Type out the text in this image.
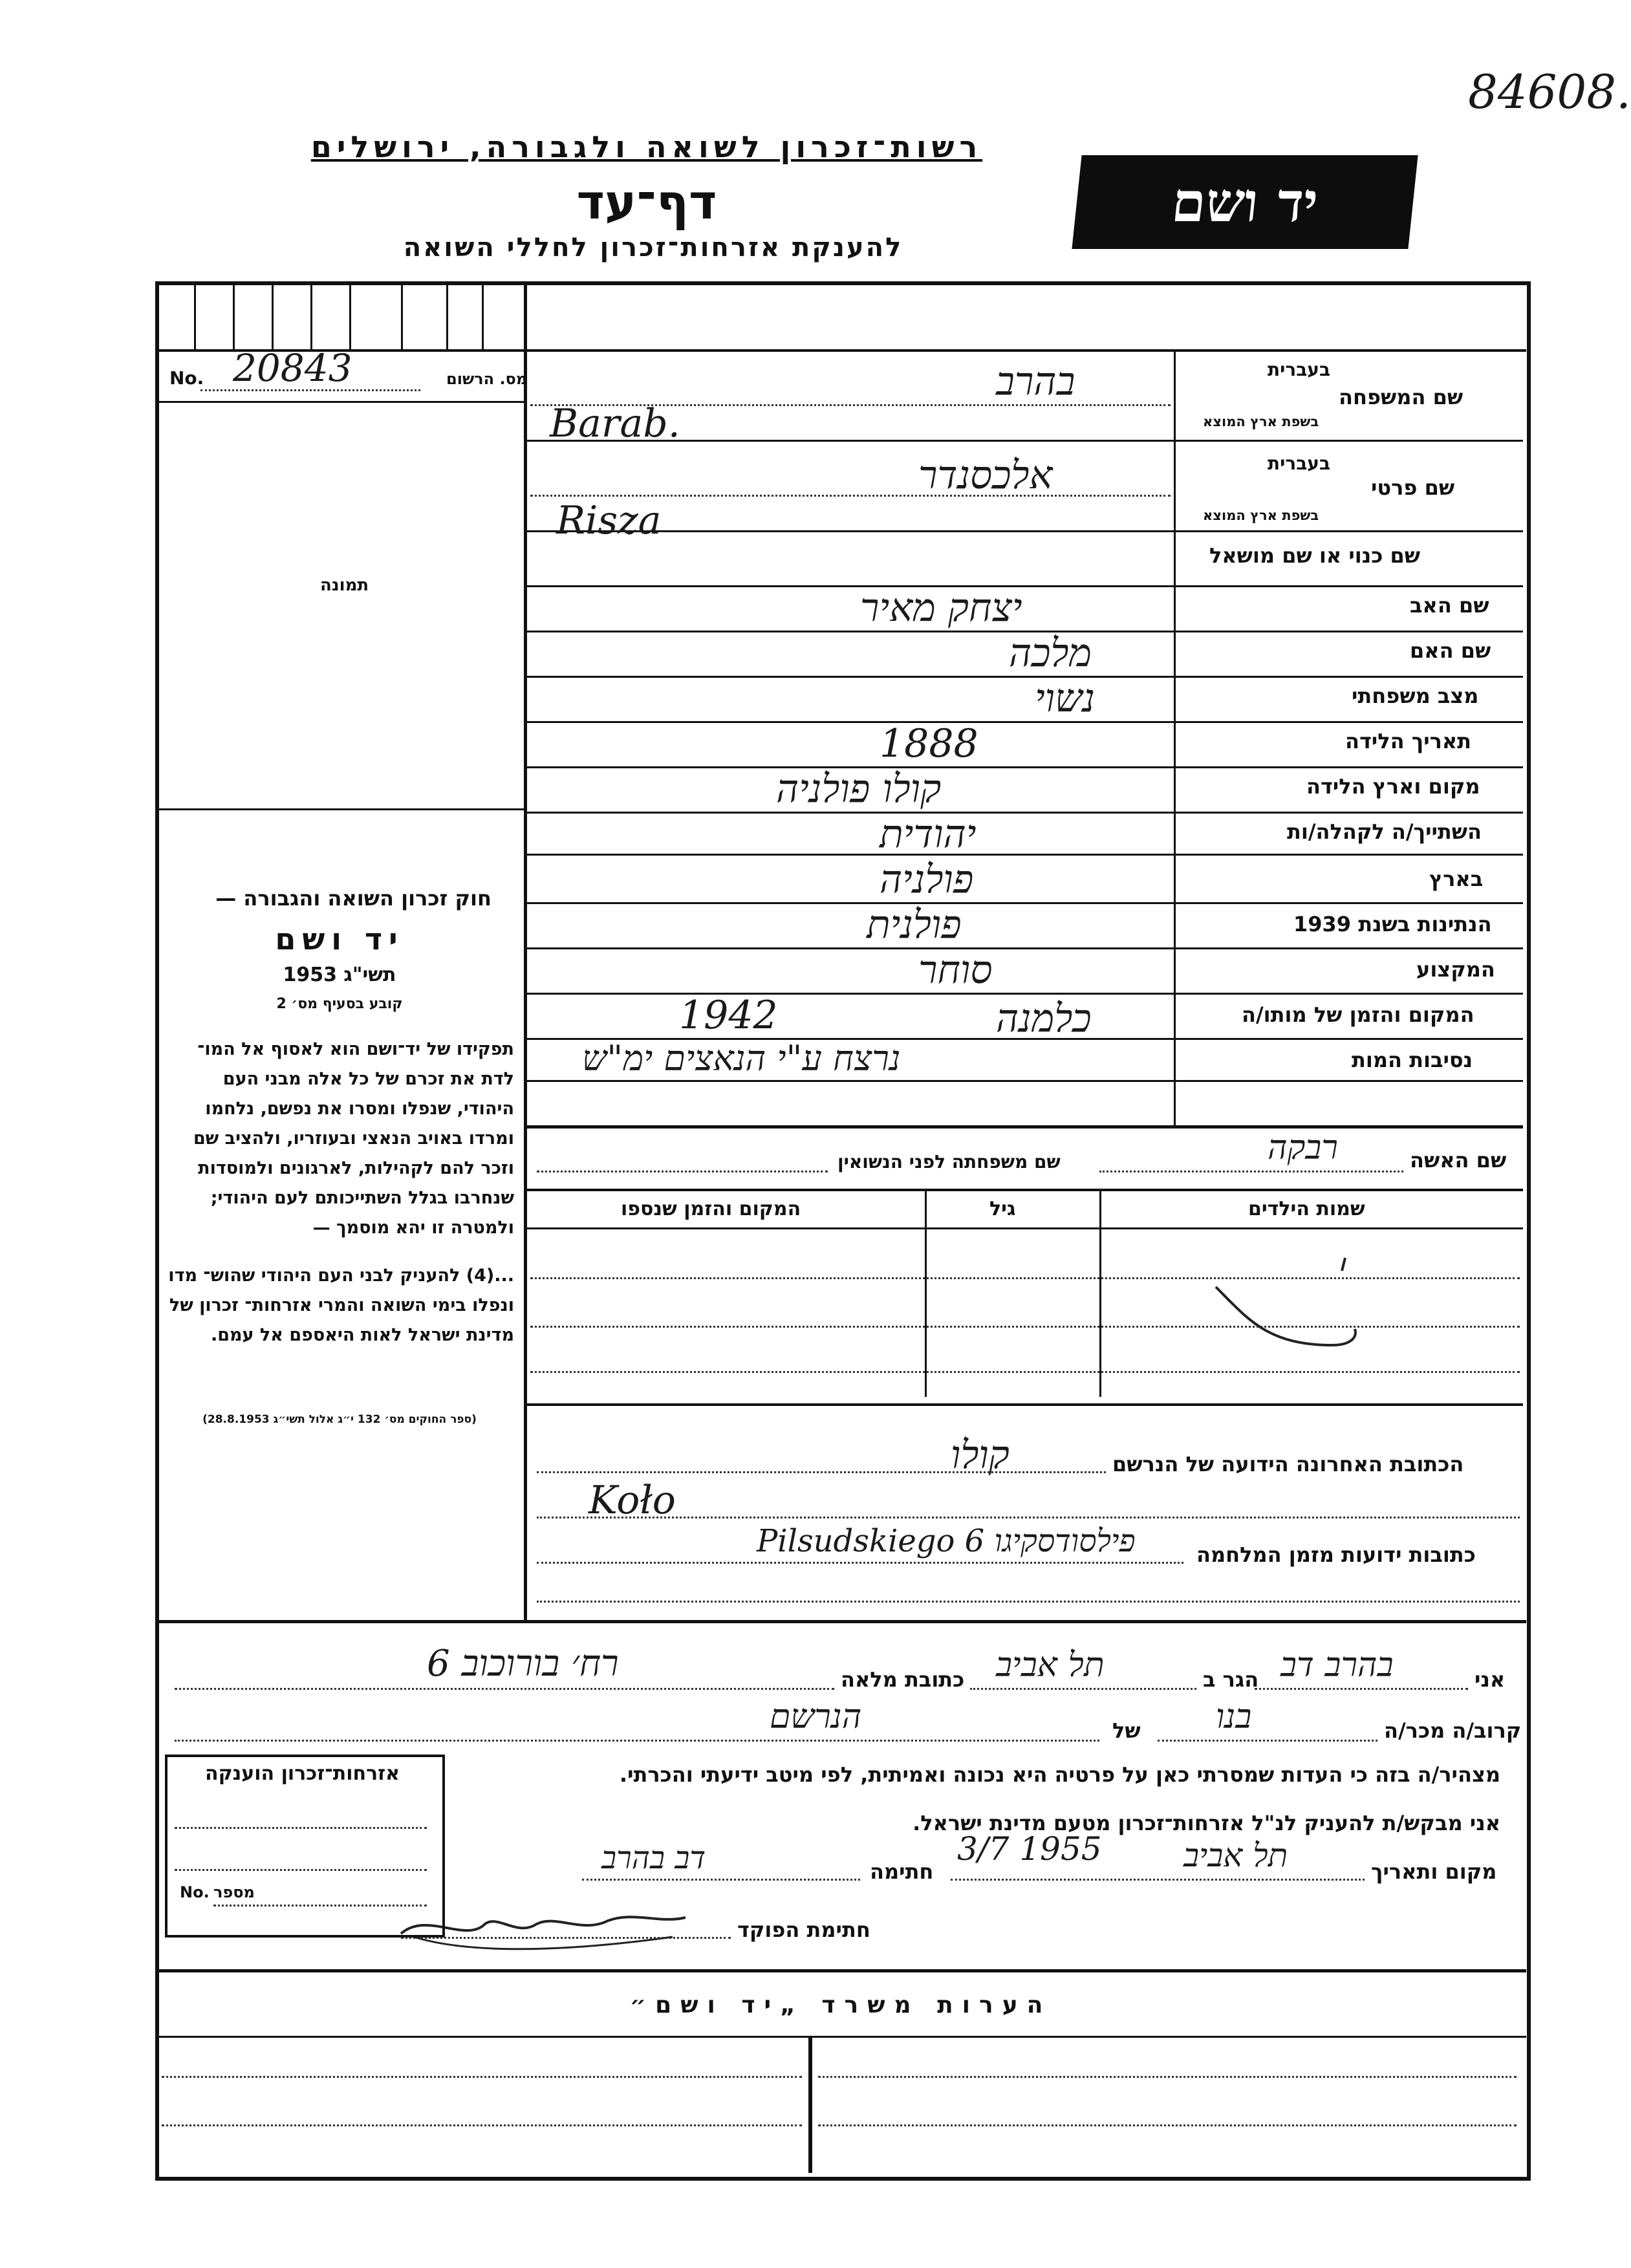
84608.
רשות־זכרון לשואה ולגבורה, ירושלים
דף־עד
להענקת אזרחות־זכרון לחללי השואה
יד ושם
No. 20843	מס. הרשום
תמונה
חוק זכרון השואה והגבורה —
יד ושם
תשי"ג 1953
קובע בסעיף מס׳ 2
תפקידו של יד־ושם הוא לאסוף אל המו־ לדת את זכרם של כל אלה מבני העם היהודי, שנפלו ומסרו את נפשם, נלחמו ומרדו באויב הנאצי ובעוזריו, ולהציב שם וזכר להם לקהילות, לארגונים ולמוסדות שנחרבו בגלל השתייכותם לעם היהודי; ולמטרה זו יהא מוסמך —
...(4) להעניק לבני העם היהודי שהוש־ מדו ונפלו בימי השואה והמרי אזרחות־ זכרון של מדינת ישראל לאות היאספם אל עמם.
(ספר החוקים מס׳ 132 י״ג אלול תשי״ג 28.8.1953)
שם המשפחה
בעברית
בשפת ארץ המוצא
בהרב
Barab.
שם פרטי
בעברית
בשפת ארץ המוצא
אלכסנדר
Risza
שם כנוי או שם מושאל
שם האב
יצחק מאיר
שם האם
מלכה
מצב משפחתי
נשוי
תאריך הלידה
1888
מקום וארץ הלידה
קולו פולניה
השתייך/ה לקהלה/ות
יהודית
בארץ
פולניה
הנתינות בשנת 1939
פולנית
המקצוע
סוחר
המקום והזמן של מותו/ה
1942	כלמנה
נסיבות המות
נרצח ע"י הנאצים ימ"ש
שם האשה
רבקה
שם משפחתה לפני הנשואין
שמות הילדים
גיל
המקום והזמן שנספו
הכתובת האחרונה הידועה של הנרשם
קולו
Koło
כתובות ידועות מזמן המלחמה
Pilsudskiego 6 פילסודסקיגו
אני
בהרב דב
הגר ב
תל אביב
כתובת מלאה
רח׳ בורוכוב 6
קרוב/ה מכר/ה
בנו
של
הנרשם
מצהיר/ה בזה כי העדות שמסרתי כאן על פרטיה היא נכונה ואמיתית, לפי מיטב ידיעתי והכרתי.
אני מבקש/ת להעניק לנ"ל אזרחות־זכרון מטעם מדינת ישראל.
מקום ותאריך
תל אביב
3/7 1955
חתימה
דב בהרב
חתימת הפוקד
אזרחות־זכרון הוענקה
No. מספר
הערות משרד „יד ושם״
